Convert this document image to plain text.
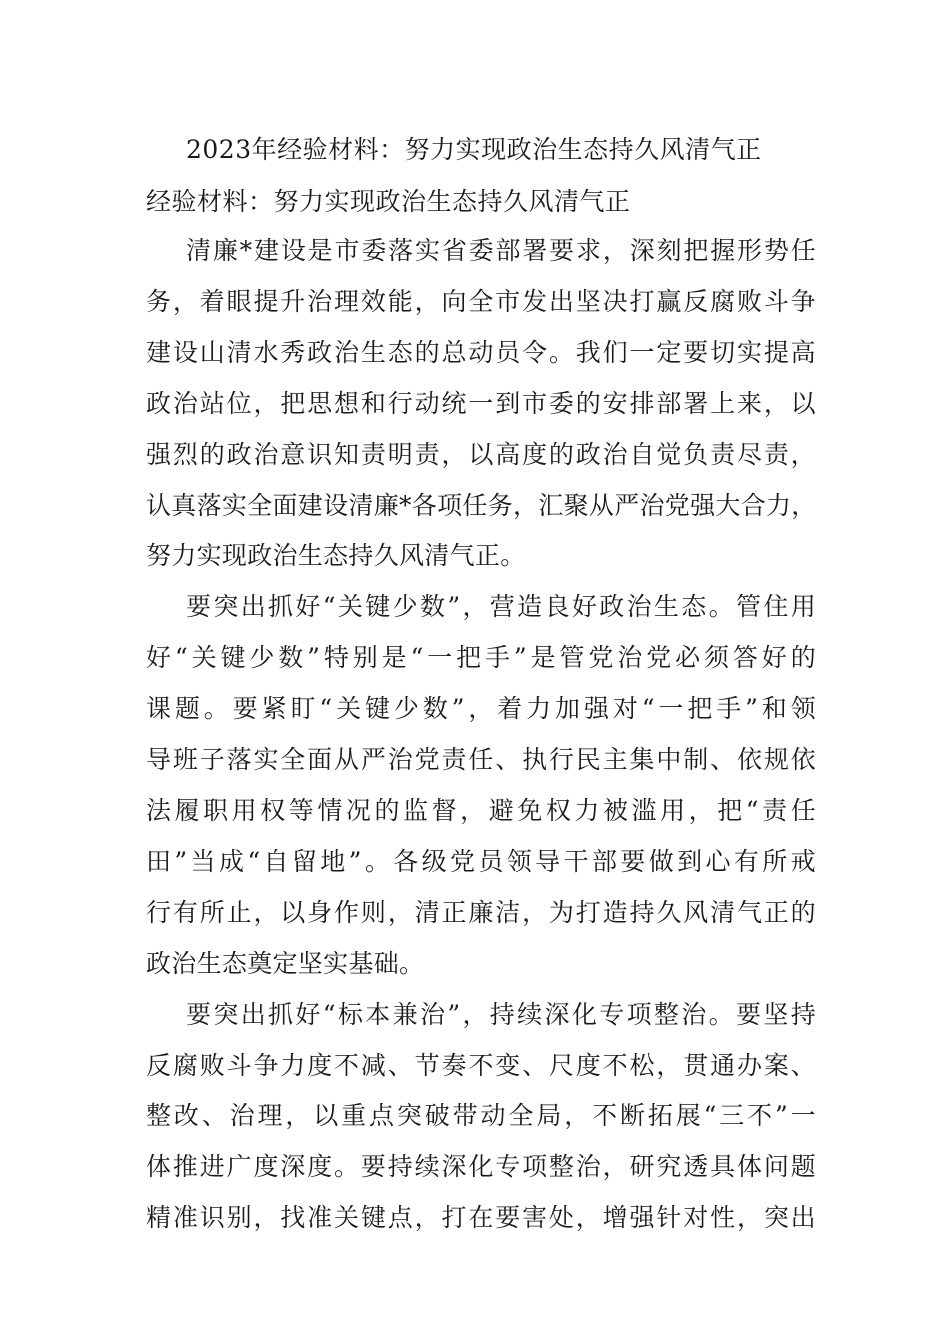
2023年经验材料：努力实现政治生态持久风清气正
经验材料：努力实现政治生态持久风清气正
清廉*建设是市委落实省委部署要求，深刻把握形势任
务，着眼提升治理效能，向全市发出坚决打赢反腐败斗争
建设山清水秀政治生态的总动员令。我们一定要切实提高
政治站位，把思想和行动统一到市委的安排部署上来，以
强烈的政治意识知责明责，以高度的政治自觉负责尽责，
认真落实全面建设清廉*各项任务，汇聚从严治党强大合力，
努力实现政治生态持久风清气正。
要突出抓好“关键少数”，营造良好政治生态。管住用
好“关键少数”特别是“一把手”是管党治党必须答好的
课题。要紧盯“关键少数”，着力加强对“一把手”和领
导班子落实全面从严治党责任、执行民主集中制、依规依
法履职用权等情况的监督，避免权力被滥用，把“责任
田”当成“自留地”。各级党员领导干部要做到心有所戒
行有所止，以身作则，清正廉洁，为打造持久风清气正的
政治生态奠定坚实基础。
要突出抓好“标本兼治”，持续深化专项整治。要坚持
反腐败斗争力度不减、节奏不变、尺度不松，贯通办案、
整改、治理，以重点突破带动全局，不断拓展“三不”一
体推进广度深度。要持续深化专项整治，研究透具体问题
精准识别，找准关键点，打在要害处，增强针对性，突出
